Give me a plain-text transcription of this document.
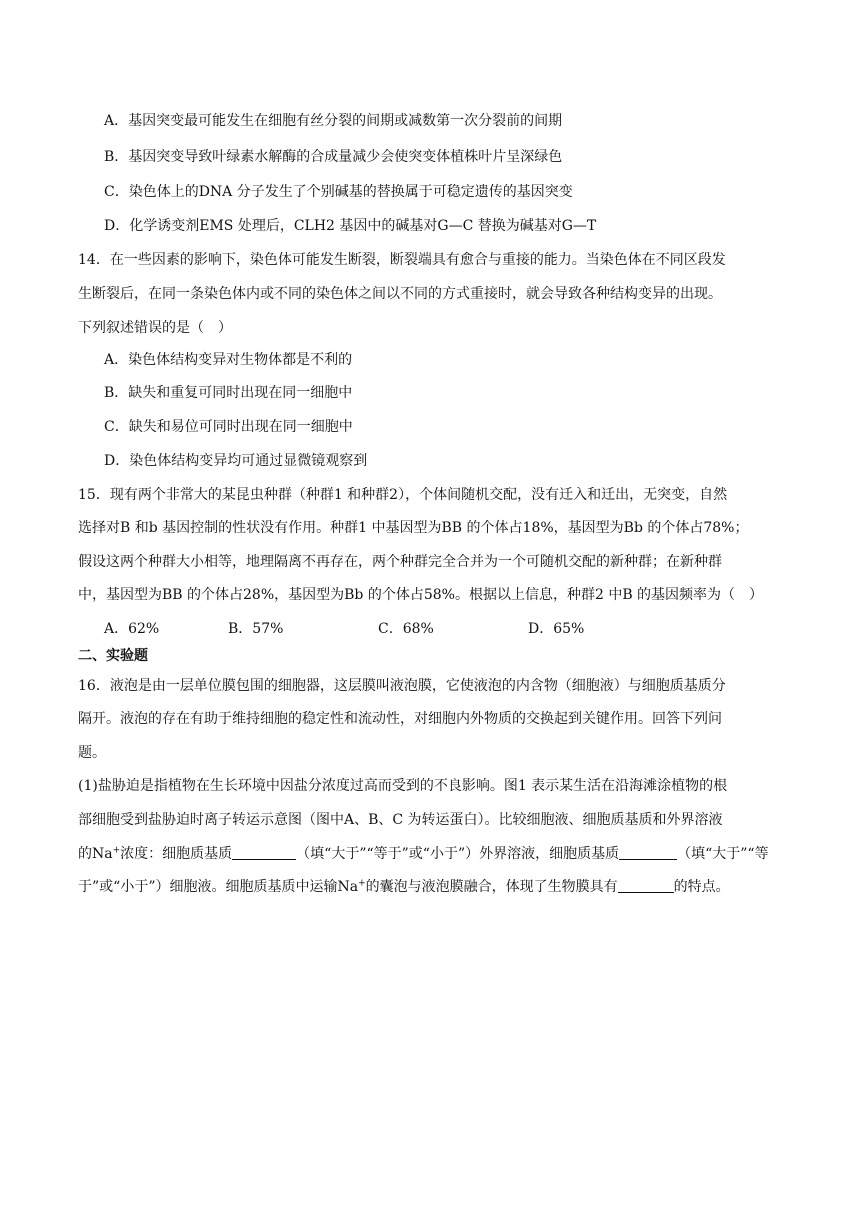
A．基因突变最可能发生在细胞有丝分裂的间期或减数第一次分裂前的间期
B．基因突变导致叶绿素水解酶的合成量减少会使突变体植株叶片呈深绿色
C．染色体上的DNA 分子发生了个别碱基的替换属于可稳定遗传的基因突变
D．化学诱变剂EMS 处理后，CLH2 基因中的碱基对G—C 替换为碱基对G—T
14．在一些因素的影响下，染色体可能发生断裂，断裂端具有愈合与重接的能力。当染色体在不同区段发
生断裂后，在同一条染色体内或不同的染色体之间以不同的方式重接时，就会导致各种结构变异的出现。
下列叙述错误的是（　）
A．染色体结构变异对生物体都是不利的
B．缺失和重复可同时出现在同一细胞中
C．缺失和易位可同时出现在同一细胞中
D．染色体结构变异均可通过显微镜观察到
15．现有两个非常大的某昆虫种群（种群1 和种群2），个体间随机交配，没有迁入和迁出，无突变，自然
选择对B 和b 基因控制的性状没有作用。种群1 中基因型为BB 的个体占18%，基因型为Bb 的个体占78%；
假设这两个种群大小相等，地理隔离不再存在，两个种群完全合并为一个可随机交配的新种群；在新种群
中，基因型为BB 的个体占28%，基因型为Bb 的个体占58%。根据以上信息，种群2 中B 的基因频率为（　）
A．62%	B．57%	C．68%	D．65%
二、实验题
16．液泡是由一层单位膜包围的细胞器，这层膜叫液泡膜，它使液泡的内含物（细胞液）与细胞质基质分
隔开。液泡的存在有助于维持细胞的稳定性和流动性，对细胞内外物质的交换起到关键作用。回答下列问
题。
(1)盐胁迫是指植物在生长环境中因盐分浓度过高而受到的不良影响。图1 表示某生活在沿海滩涂植物的根
部细胞受到盐胁迫时离子转运示意图（图中A、B、C 为转运蛋白）。比较细胞液、细胞质基质和外界溶液
的Na+浓度：细胞质基质	（填“大于”“等于”或“小于”）外界溶液，细胞质基质	（填“大于”“等
于”或“小于”）细胞液。细胞质基质中运输Na+的囊泡与液泡膜融合，体现了生物膜具有	的特点。
